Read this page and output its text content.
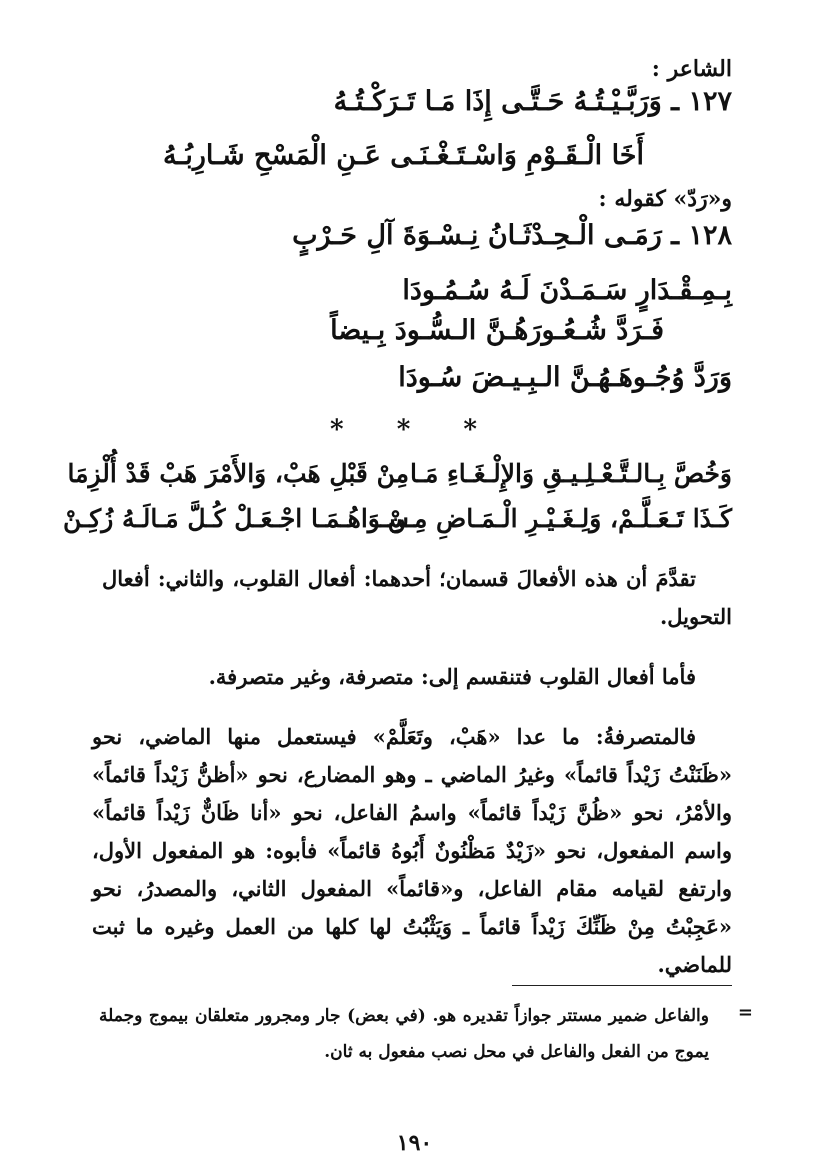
الشاعر :
١٢٧ ـ وَرَبَّـيْـتُـهُ حَـتَّـى إِذَا مَـا تَـرَكْـتُـهُ
أَخَا الْـقَـوْمِ وَاسْـتَـغْـنَـى عَـنِ الْمَسْحِ شَـارِبُـهُ
و«رَدّ» كقوله :
١٢٨ ـ رَمَـى الْـحِـدْثَـانُ نِـسْـوَةَ آلِ حَـرْبٍ
بِـمِـقْـدَارٍ سَـمَـدْنَ لَـهُ سُـمُـودَا
فَـرَدَّ شُـعُـورَهُـنَّ الـسُّـودَ بِـيضاً
وَرَدَّ وُجُـوهَـهُـنَّ الـبِـيـضَ سُـودَا
* * *
وَخُصَّ بِـالـتَّـعْـلِـيـقِ وَالإِلْـغَـاءِ مَـا
مِنْ قَبْلِ هَبْ، وَالأَمْرَ هَبْ قَدْ أُلْزِمَا
كَـذَا تَـعَـلَّـمْ، وَلِـغَـيْـرِ الْـمَـاضِ مِـنْ
سِـوَاهُـمَـا اجْـعَـلْ كُـلَّ مَـالَـهُ زُكِـنْ
تقدَّمَ أن هذه الأفعالَ قسمان؛ أحدهما: أفعال القلوب، والثاني: أفعال التحويل.
فأما أفعال القلوب فتنقسم إلى: متصرفة، وغير متصرفة.
فالمتصرفةُ: ما عدا «هَبْ، وتَعَلَّمْ» فيستعمل منها الماضي، نحو «ظَنَنْتُ زَيْداً قائماً» وغيرُ الماضي ـ وهو المضارع، نحو «أظنُّ زَيْداً قائماً» والأمْرُ، نحو «ظُنَّ زَيْداً قائماً» واسمُ الفاعل، نحو «أنا ظَانٌّ زَيْداً قائماً» واسم المفعول، نحو «زَيْدٌ مَظْنُونٌ أَبُوهُ قائماً» فأبوه: هو المفعول الأول، وارتفع لقيامه مقام الفاعل، و«قائماً» المفعول الثاني، والمصدرُ، نحو «عَجِبْتُ مِنْ ظَنِّكَ زَيْداً قائماً ـ وَيَثْبُتُ لها كلها من العمل وغيره ما ثبت للماضي.
=
والفاعل ضمير مستتر جوازاً تقديره هو. (في بعض) جار ومجرور متعلقان بيموج وجملة يموج من الفعل والفاعل في محل نصب مفعول به ثان.
١٩٠
